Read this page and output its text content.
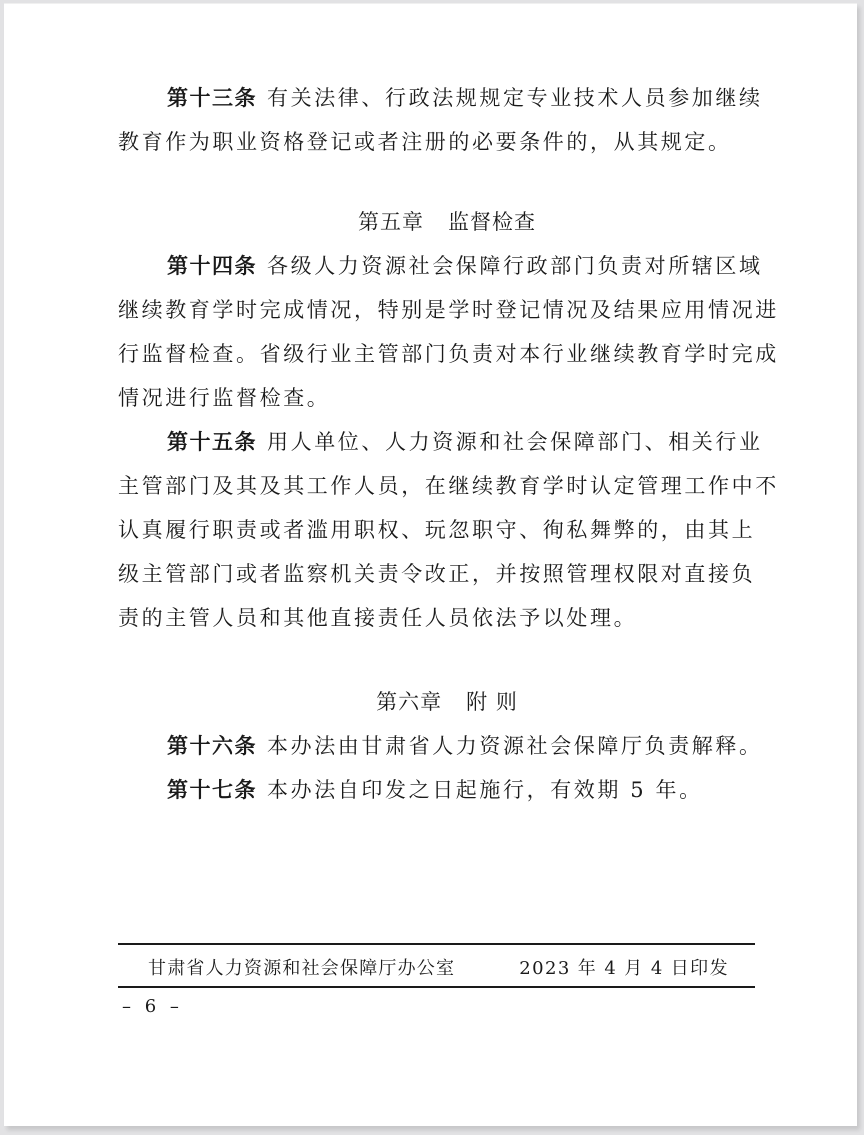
第十三条 有关法律、行政法规规定专业技术人员参加继续
教育作为职业资格登记或者注册的必要条件的，从其规定。
第五章 监督检查
第十四条 各级人力资源社会保障行政部门负责对所辖区域
继续教育学时完成情况，特别是学时登记情况及结果应用情况进
行监督检查。省级行业主管部门负责对本行业继续教育学时完成
情况进行监督检查。
第十五条 用人单位、人力资源和社会保障部门、相关行业
主管部门及其及其工作人员，在继续教育学时认定管理工作中不
认真履行职责或者滥用职权、玩忽职守、徇私舞弊的，由其上
级主管部门或者监察机关责令改正，并按照管理权限对直接负
责的主管人员和其他直接责任人员依法予以处理。
第六章 附 则
第十六条 本办法由甘肃省人力资源社会保障厅负责解释。
第十七条 本办法自印发之日起施行，有效期 5 年。
甘肃省人力资源和社会保障厅办公室	2023 年 4 月 4 日印发
– 6 –
